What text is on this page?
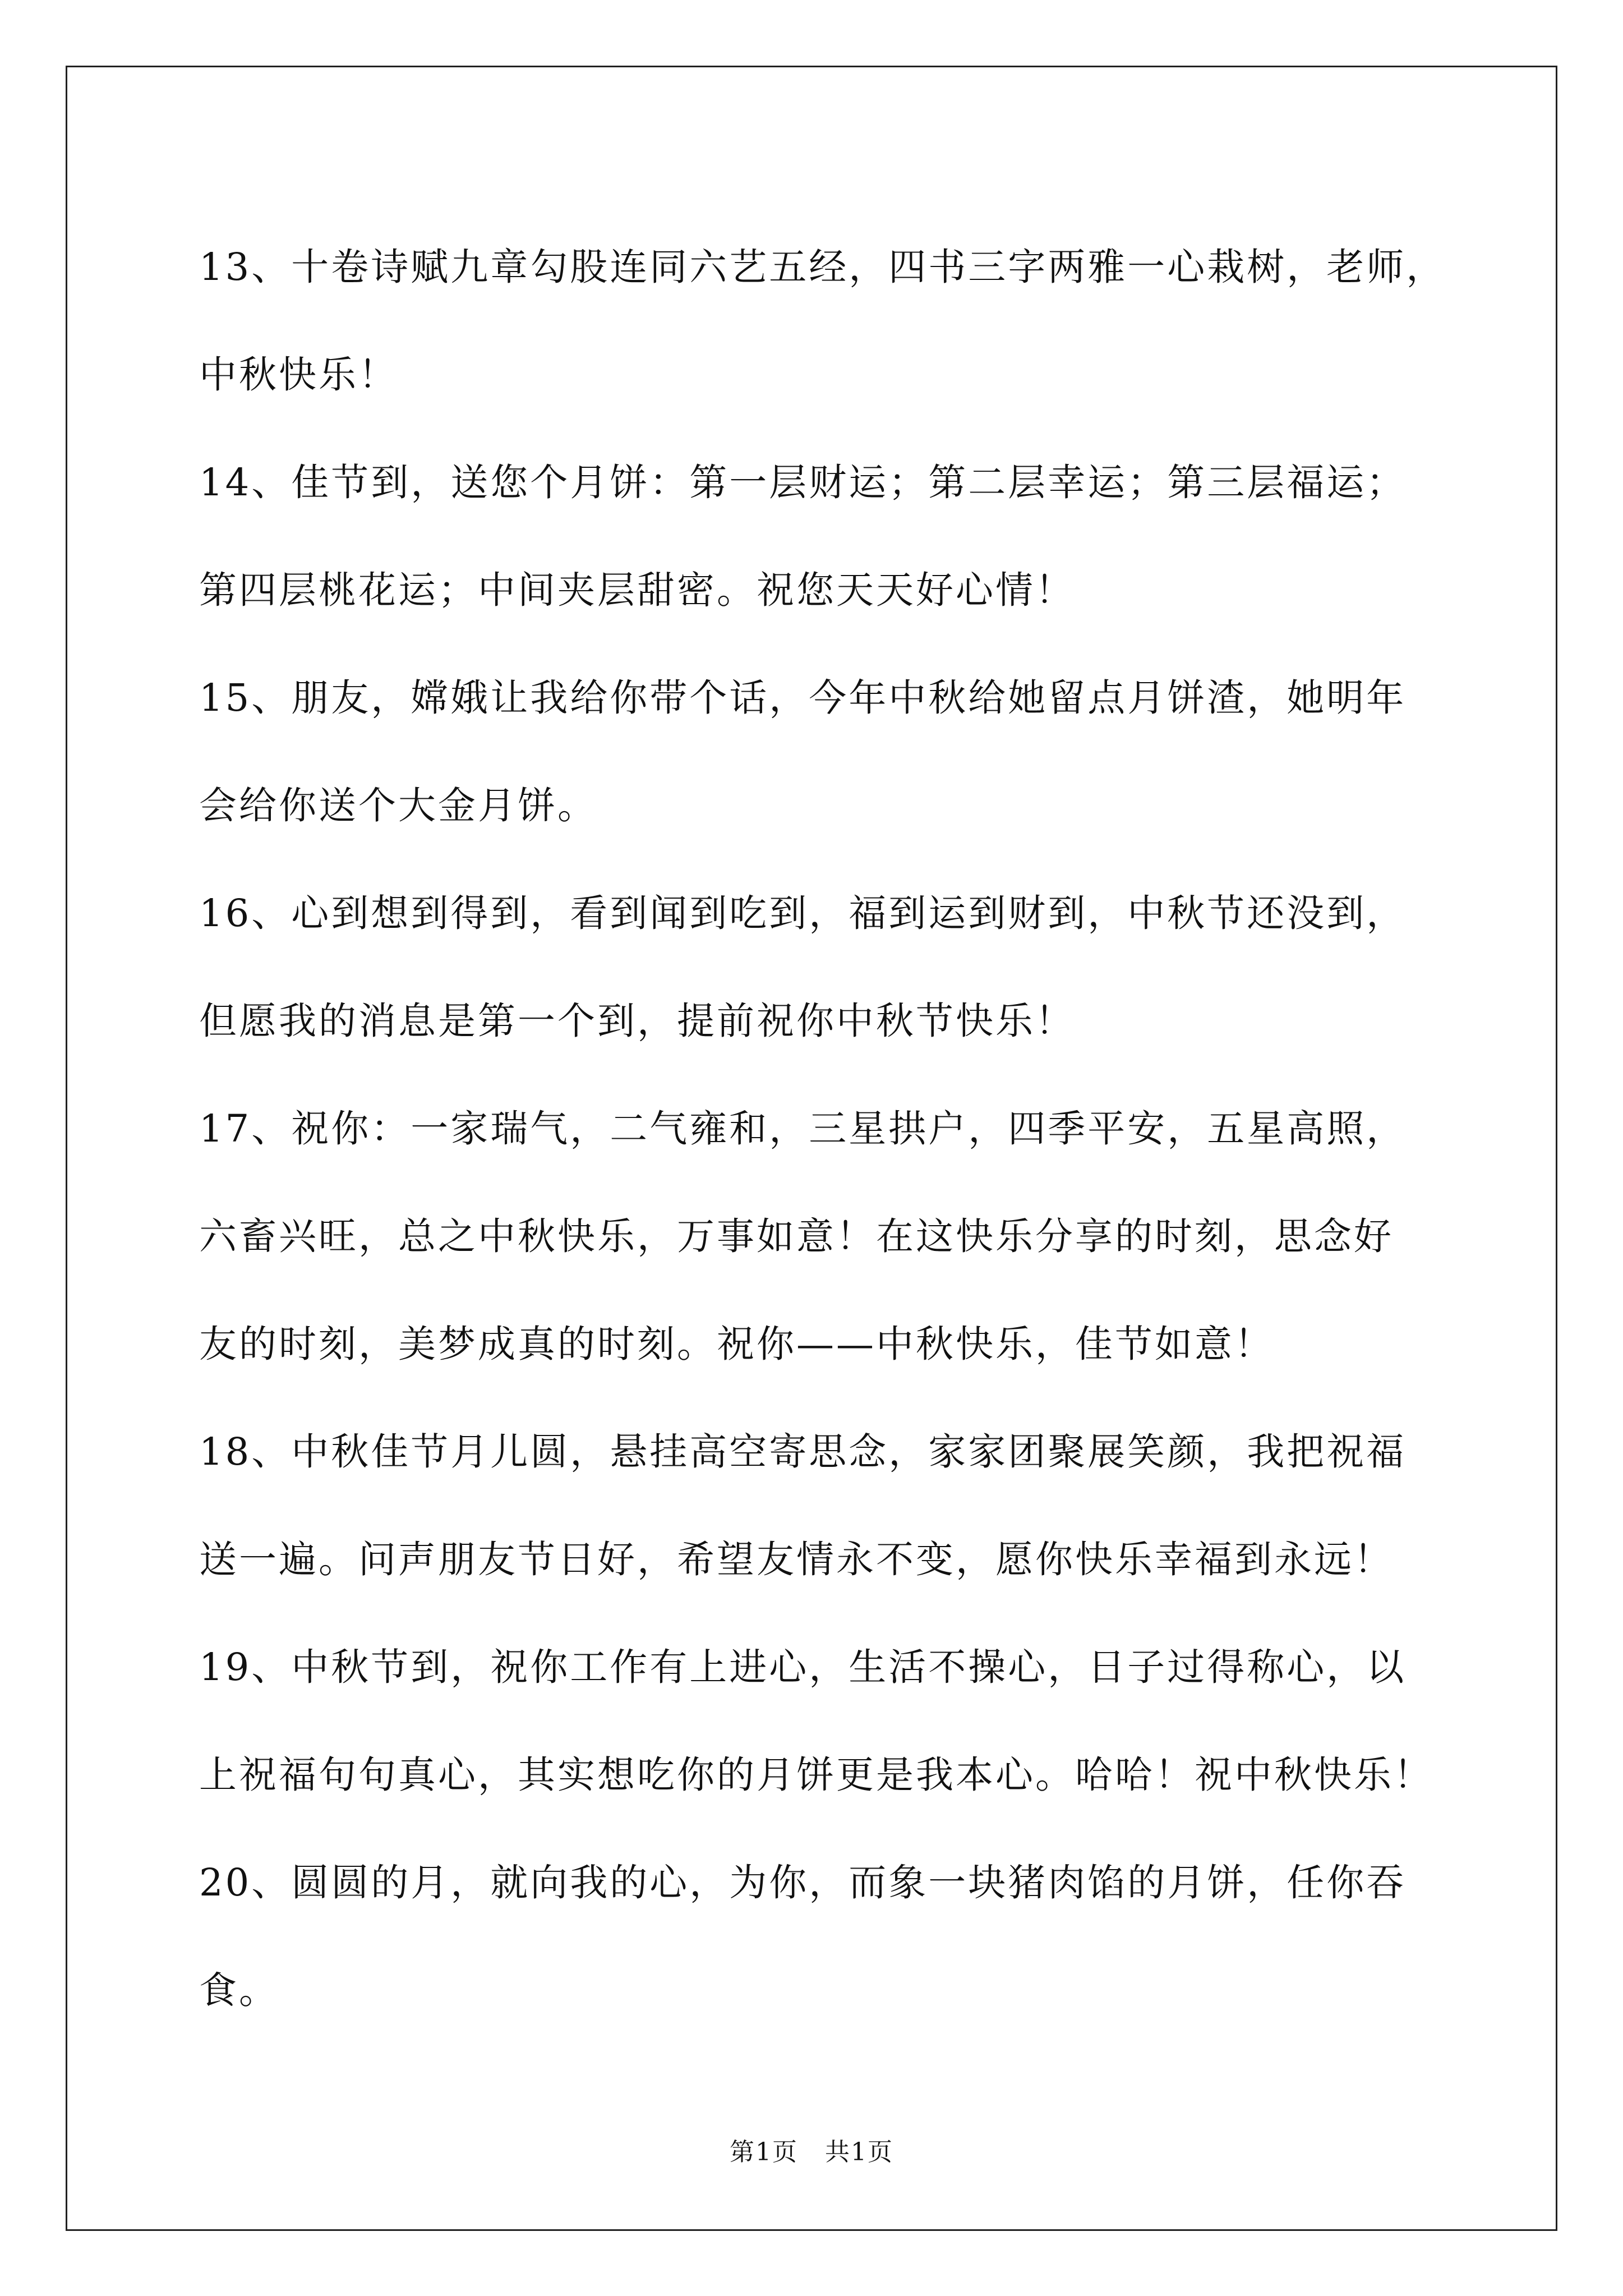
13、十卷诗赋九章勾股连同六艺五经，四书三字两雅一心栽树，老师，

中秋快乐！

14、佳节到，送您个月饼：第一层财运；第二层幸运；第三层福运；

第四层桃花运；中间夹层甜密。祝您天天好心情！

15、朋友，嫦娥让我给你带个话，今年中秋给她留点月饼渣，她明年

会给你送个大金月饼。

16、心到想到得到，看到闻到吃到，福到运到财到，中秋节还没到，

但愿我的消息是第一个到，提前祝你中秋节快乐！

17、祝你：一家瑞气，二气雍和，三星拱户，四季平安，五星高照，

六畜兴旺，总之中秋快乐，万事如意！在这快乐分享的时刻，思念好

友的时刻，美梦成真的时刻。祝你——中秋快乐，佳节如意！

18、中秋佳节月儿圆，悬挂高空寄思念，家家团聚展笑颜，我把祝福

送一遍。问声朋友节日好，希望友情永不变，愿你快乐幸福到永远！

19、中秋节到，祝你工作有上进心，生活不操心，日子过得称心，以

上祝福句句真心，其实想吃你的月饼更是我本心。哈哈！祝中秋快乐！

20、圆圆的月，就向我的心，为你，而象一块猪肉馅的月饼，任你吞

食。

第1页 共1页
